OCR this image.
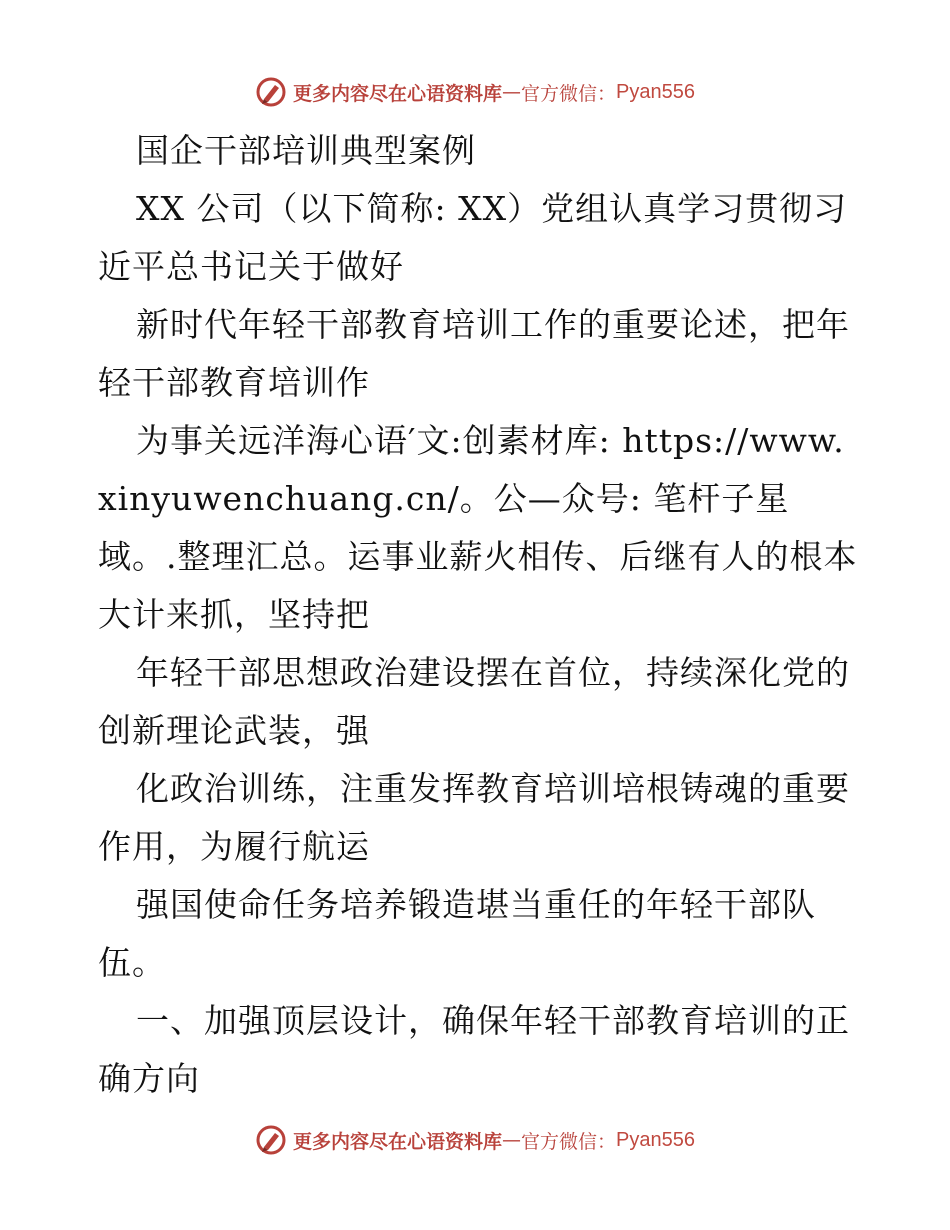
更多内容尽在心语资料库 — 官方微信： Pyan556

国企干部培训典型案例

XX 公司（以下简称: XX）党组认真学习贯彻习近平总书记关于做好

新时代年轻干部教育培训工作的重要论述，把年轻干部教育培训作

为事关远洋海心语′文:创素材库: https://www.xinyuwenchuang.cn/。公—众号: 笔杆子星域。.整理汇总。运事业薪火相传、后继有人的根本大计来抓，坚持把

年轻干部思想政治建设摆在首位，持续深化党的创新理论武装，强

化政治训练，注重发挥教育培训培根铸魂的重要作用，为履行航运

强国使命任务培养锻造堪当重任的年轻干部队伍。

一、加强顶层设计，确保年轻干部教育培训的正确方向

更多内容尽在心语资料库 — 官方微信： Pyan556
